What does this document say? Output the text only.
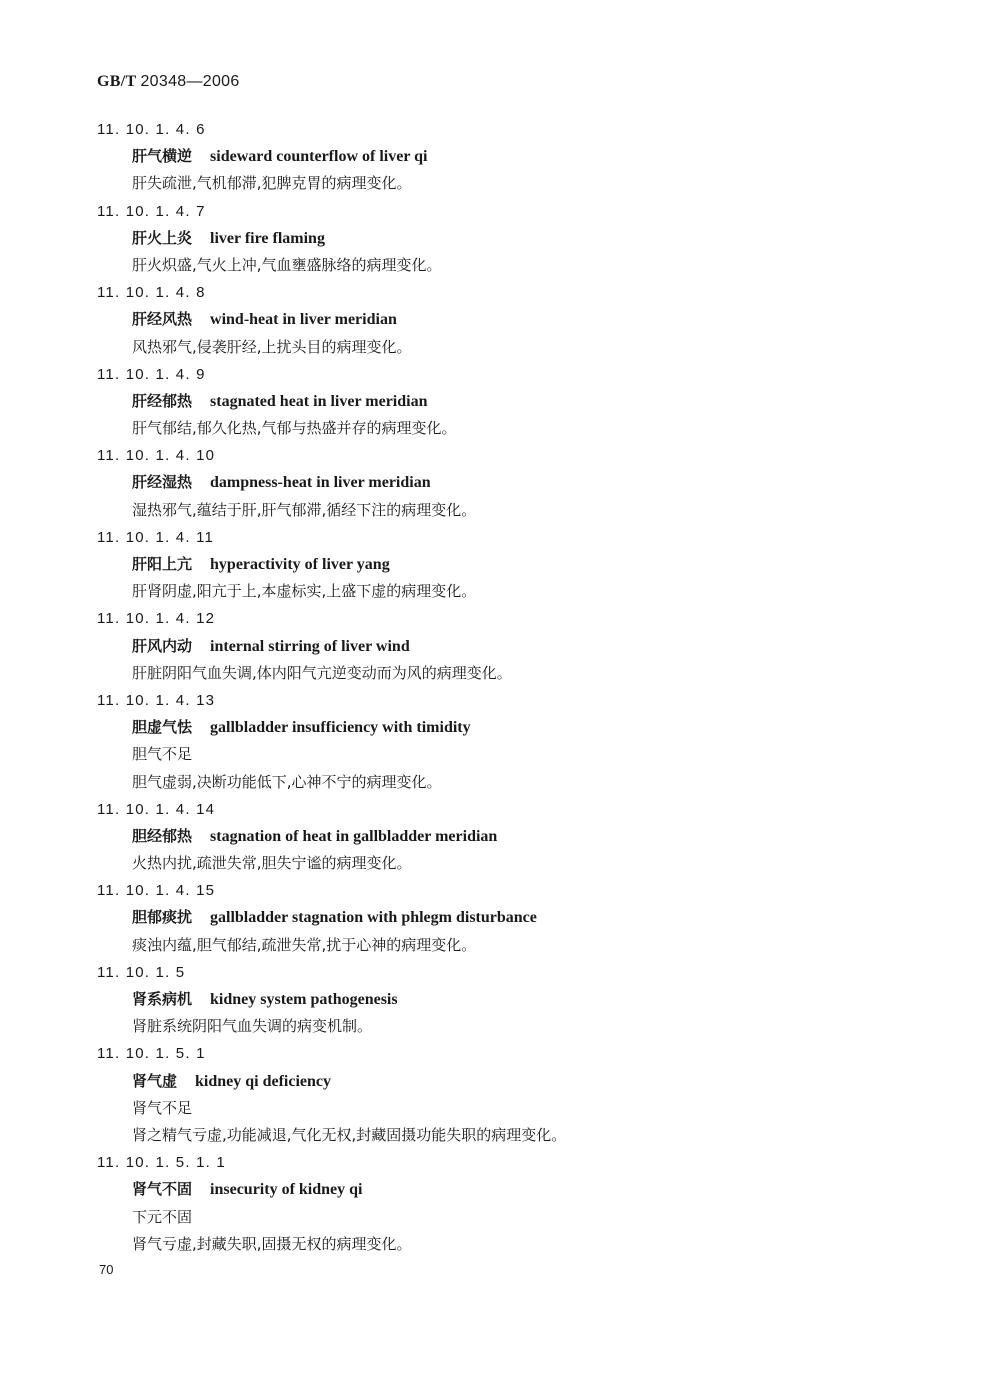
GB/T 20348—2006
11. 10. 1. 4. 6
肝气横逆 sideward counterflow of liver qi
肝失疏泄,气机郁滞,犯脾克胃的病理变化。
11. 10. 1. 4. 7
肝火上炎 liver fire flaming
肝火炽盛,气火上冲,气血壅盛脉络的病理变化。
11. 10. 1. 4. 8
肝经风热 wind-heat in liver meridian
风热邪气,侵袭肝经,上扰头目的病理变化。
11. 10. 1. 4. 9
肝经郁热 stagnated heat in liver meridian
肝气郁结,郁久化热,气郁与热盛并存的病理变化。
11. 10. 1. 4. 10
肝经湿热 dampness-heat in liver meridian
湿热邪气,蕴结于肝,肝气郁滞,循经下注的病理变化。
11. 10. 1. 4. 11
肝阳上亢 hyperactivity of liver yang
肝肾阴虚,阳亢于上,本虚标实,上盛下虚的病理变化。
11. 10. 1. 4. 12
肝风内动 internal stirring of liver wind
肝脏阴阳气血失调,体内阳气亢逆变动而为风的病理变化。
11. 10. 1. 4. 13
胆虚气怯 gallbladder insufficiency with timidity
胆气不足
胆气虚弱,决断功能低下,心神不宁的病理变化。
11. 10. 1. 4. 14
胆经郁热 stagnation of heat in gallbladder meridian
火热内扰,疏泄失常,胆失宁谧的病理变化。
11. 10. 1. 4. 15
胆郁痰扰 gallbladder stagnation with phlegm disturbance
痰浊内蕴,胆气郁结,疏泄失常,扰于心神的病理变化。
11. 10. 1. 5
肾系病机 kidney system pathogenesis
肾脏系统阴阳气血失调的病变机制。
11. 10. 1. 5. 1
肾气虚 kidney qi deficiency
肾气不足
肾之精气亏虚,功能减退,气化无权,封藏固摄功能失职的病理变化。
11. 10. 1. 5. 1. 1
肾气不固 insecurity of kidney qi
下元不固
肾气亏虚,封藏失职,固摄无权的病理变化。
70
